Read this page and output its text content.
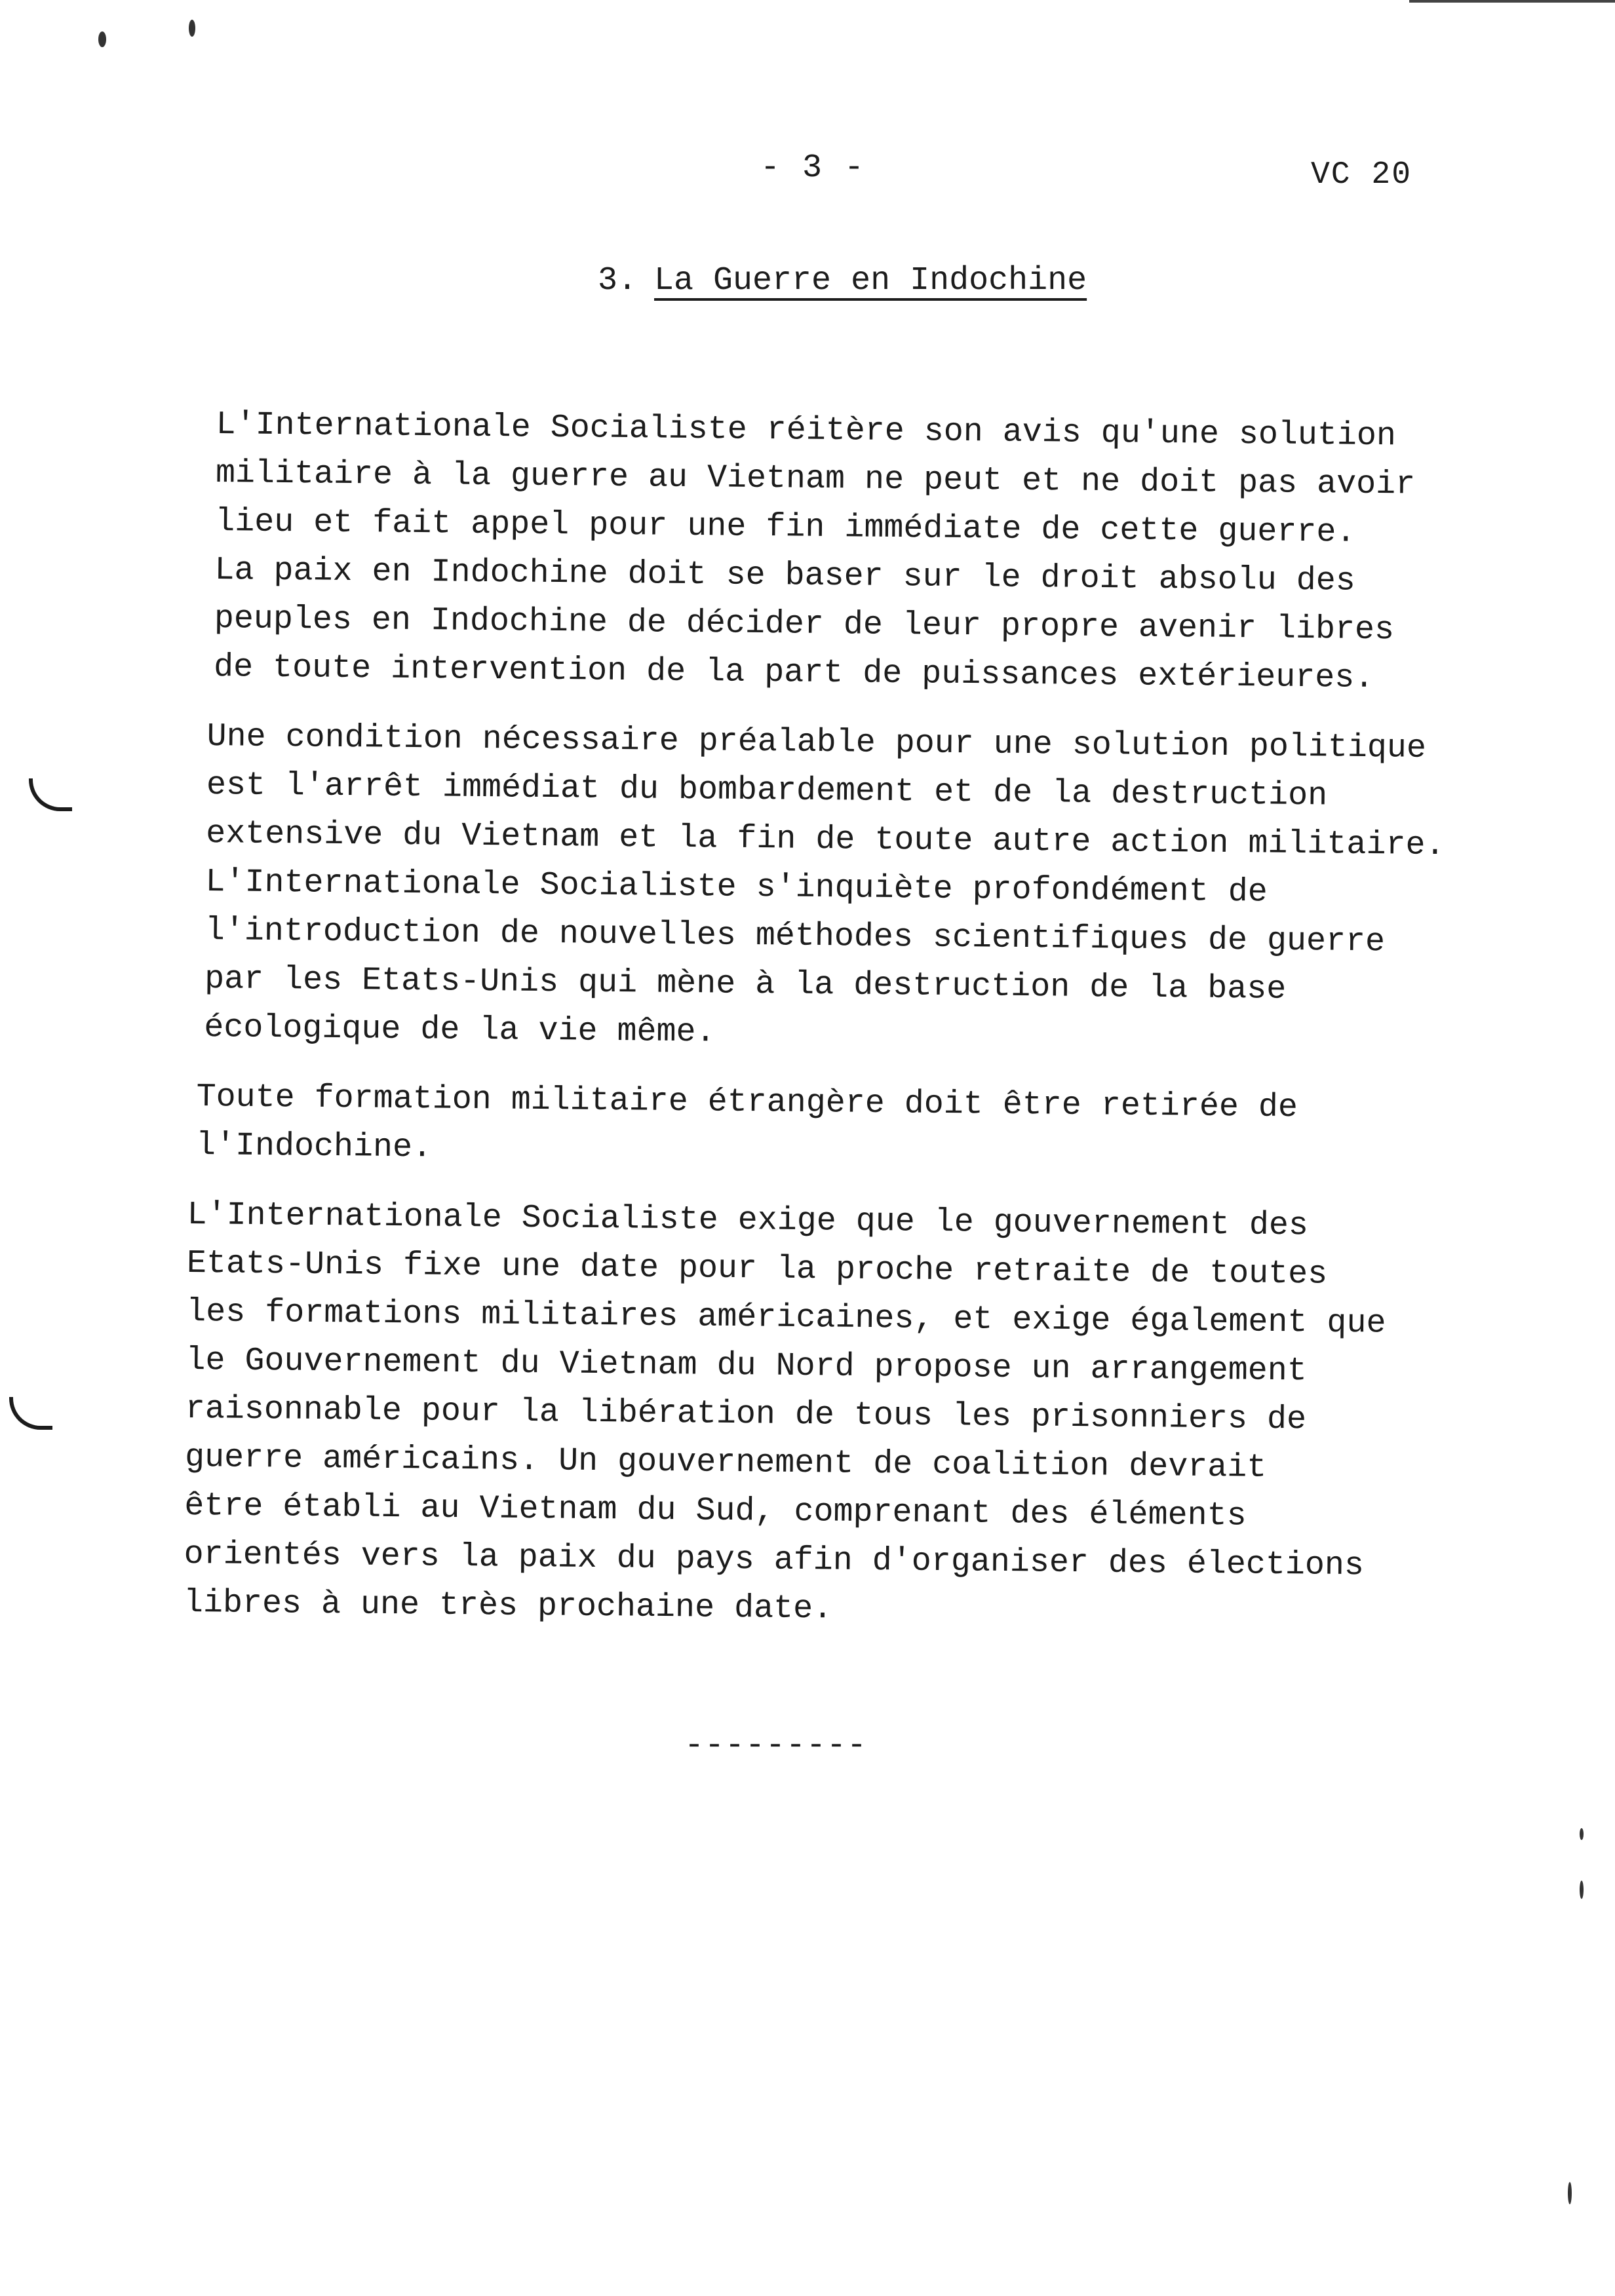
- 3 -	VC 20
3. La Guerre en Indochine

L'Internationale Socialiste réitère son avis qu'une solution
militaire à la guerre au Vietnam ne peut et ne doit pas avoir
lieu et fait appel pour une fin immédiate de cette guerre.
La paix en Indochine doit se baser sur le droit absolu des
peuples en Indochine de décider de leur propre avenir libres
de toute intervention de la part de puissances extérieures.

Une condition nécessaire préalable pour une solution politique
est l'arrêt immédiat du bombardement et de la destruction
extensive du Vietnam et la fin de toute autre action militaire.
L'Internationale Socialiste s'inquiète profondément de
l'introduction de nouvelles méthodes scientifiques de guerre
par les Etats-Unis qui mène à la destruction de la base
écologique de la vie même.

Toute formation militaire étrangère doit être retirée de
l'Indochine.

L'Internationale Socialiste exige que le gouvernement des
Etats-Unis fixe une date pour la proche retraite de toutes
les formations militaires américaines, et exige également que
le Gouvernement du Vietnam du Nord propose un arrangement
raisonnable pour la libération de tous les prisonniers de
guerre américains. Un gouvernement de coalition devrait
être établi au Vietnam du Sud, comprenant des éléments
orientés vers la paix du pays afin d'organiser des élections
libres à une très prochaine date.

---------
